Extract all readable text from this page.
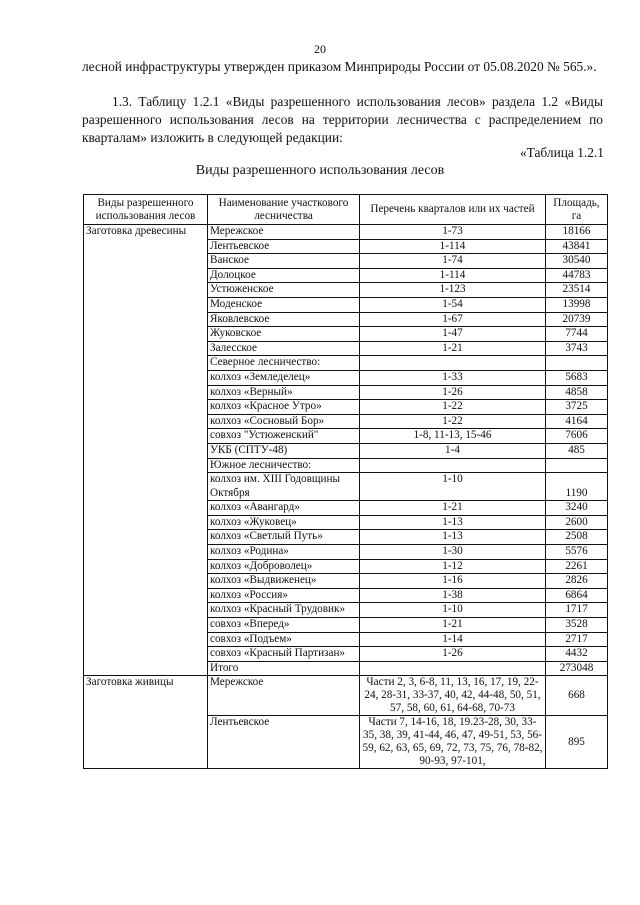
20
лесной инфраструктуры утвержден приказом Минприроды России от 05.08.2020 № 565.».
1.3. Таблицу 1.2.1 «Виды разрешенного использования лесов» раздела 1.2 «Виды разрешенного использования лесов на территории лесничества с распределением по кварталам» изложить в следующей редакции:
«Таблица 1.2.1
Виды разрешенного использования лесов
Виды разрешенного использования лесов	Наименование участкового лесничества	Перечень кварталов или их частей	Площадь, га
Заготовка древесины	Мережское	1-73	18166
	Лентьевское	1-114	43841
	Ванское	1-74	30540
	Долоцкое	1-114	44783
	Устюженское	1-123	23514
	Моденское	1-54	13998
	Яковлевское	1-67	20739
	Жуковское	1-47	7744
	Залесское	1-21	3743
	Северное лесничество:		
	колхоз «Земледелец»	1-33	5683
	колхоз «Верный»	1-26	4858
	колхоз «Красное Утро»	1-22	3725
	колхоз «Сосновый Бор»	1-22	4164
	совхоз "Устюженский"	1-8, 11-13, 15-46	7606
	УКБ (СПТУ-48)	1-4	485
	Южное лесничество:		
	колхоз им. XIII Годовщины Октября	1-10	1190
	колхоз «Авангард»	1-21	3240
	колхоз «Жуковец»	1-13	2600
	колхоз «Светлый Путь»	1-13	2508
	колхоз «Родина»	1-30	5576
	колхоз «Доброволец»	1-12	2261
	колхоз «Выдвиженец»	1-16	2826
	колхоз «Россия»	1-38	6864
	колхоз «Красный Трудовик»	1-10	1717
	совхоз «Вперед»	1-21	3528
	совхоз «Подъем»	1-14	2717
	совхоз «Красный Партизан»	1-26	4432
	Итого		273048
Заготовка живицы	Мережское	Части 2, 3, 6-8, 11, 13, 16, 17, 19, 22-24, 28-31, 33-37, 40, 42, 44-48, 50, 51, 57, 58, 60, 61, 64-68, 70-73	668
	Лентьевское	Части 7, 14-16, 18, 19.23-28, 30, 33-35, 38, 39, 41-44, 46, 47, 49-51, 53, 56-59, 62, 63, 65, 69, 72, 73, 75, 76, 78-82, 90-93, 97-101,	895
